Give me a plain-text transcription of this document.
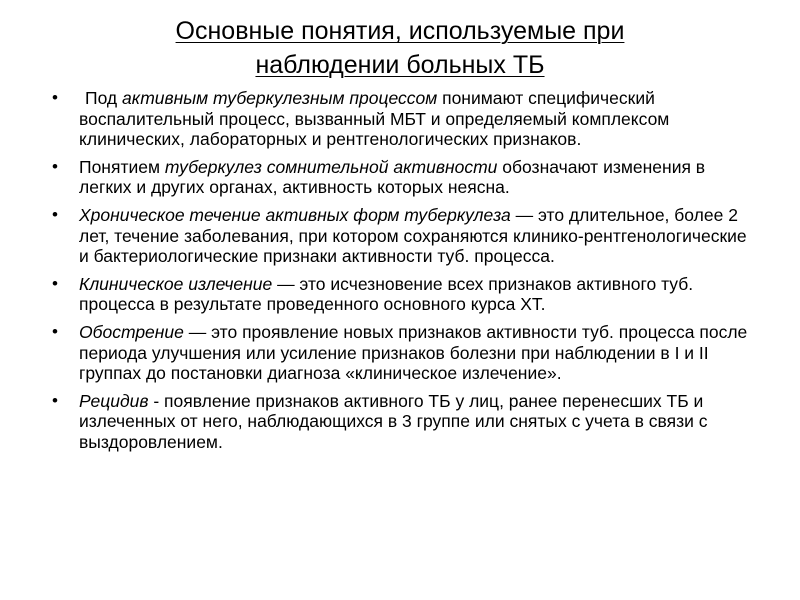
Основные понятия, используемые при
наблюдении больных ТБ
• Под активным туберкулезным процессом понимают специфический воспалительный процесс, вызванный МБТ и определяемый комплексом клинических, лабораторных и рентгенологических признаков.
• Понятием туберкулез сомнительной активности обозначают изменения в легких и других органах, активность которых неясна.
• Хроническое течение активных форм туберкулеза — это длительное, более 2 лет, течение заболевания, при котором сохраняются клинико-рентгенологические и бактериологические признаки активности туб. процесса.
• Клиническое излечение — это исчезновение всех признаков активного туб. процесса в результате проведенного основного курса ХТ.
• Обострение — это проявление новых признаков активности туб. процесса после периода улучшения или усиление признаков болезни при наблюдении в I и II группах до постановки диагноза «клиническое излечение».
• Рецидив - появление признаков активного ТБ у лиц, ранее перенесших ТБ и излеченных от него, наблюдающихся в 3 группе или снятых с учета в связи с выздоровлением.
